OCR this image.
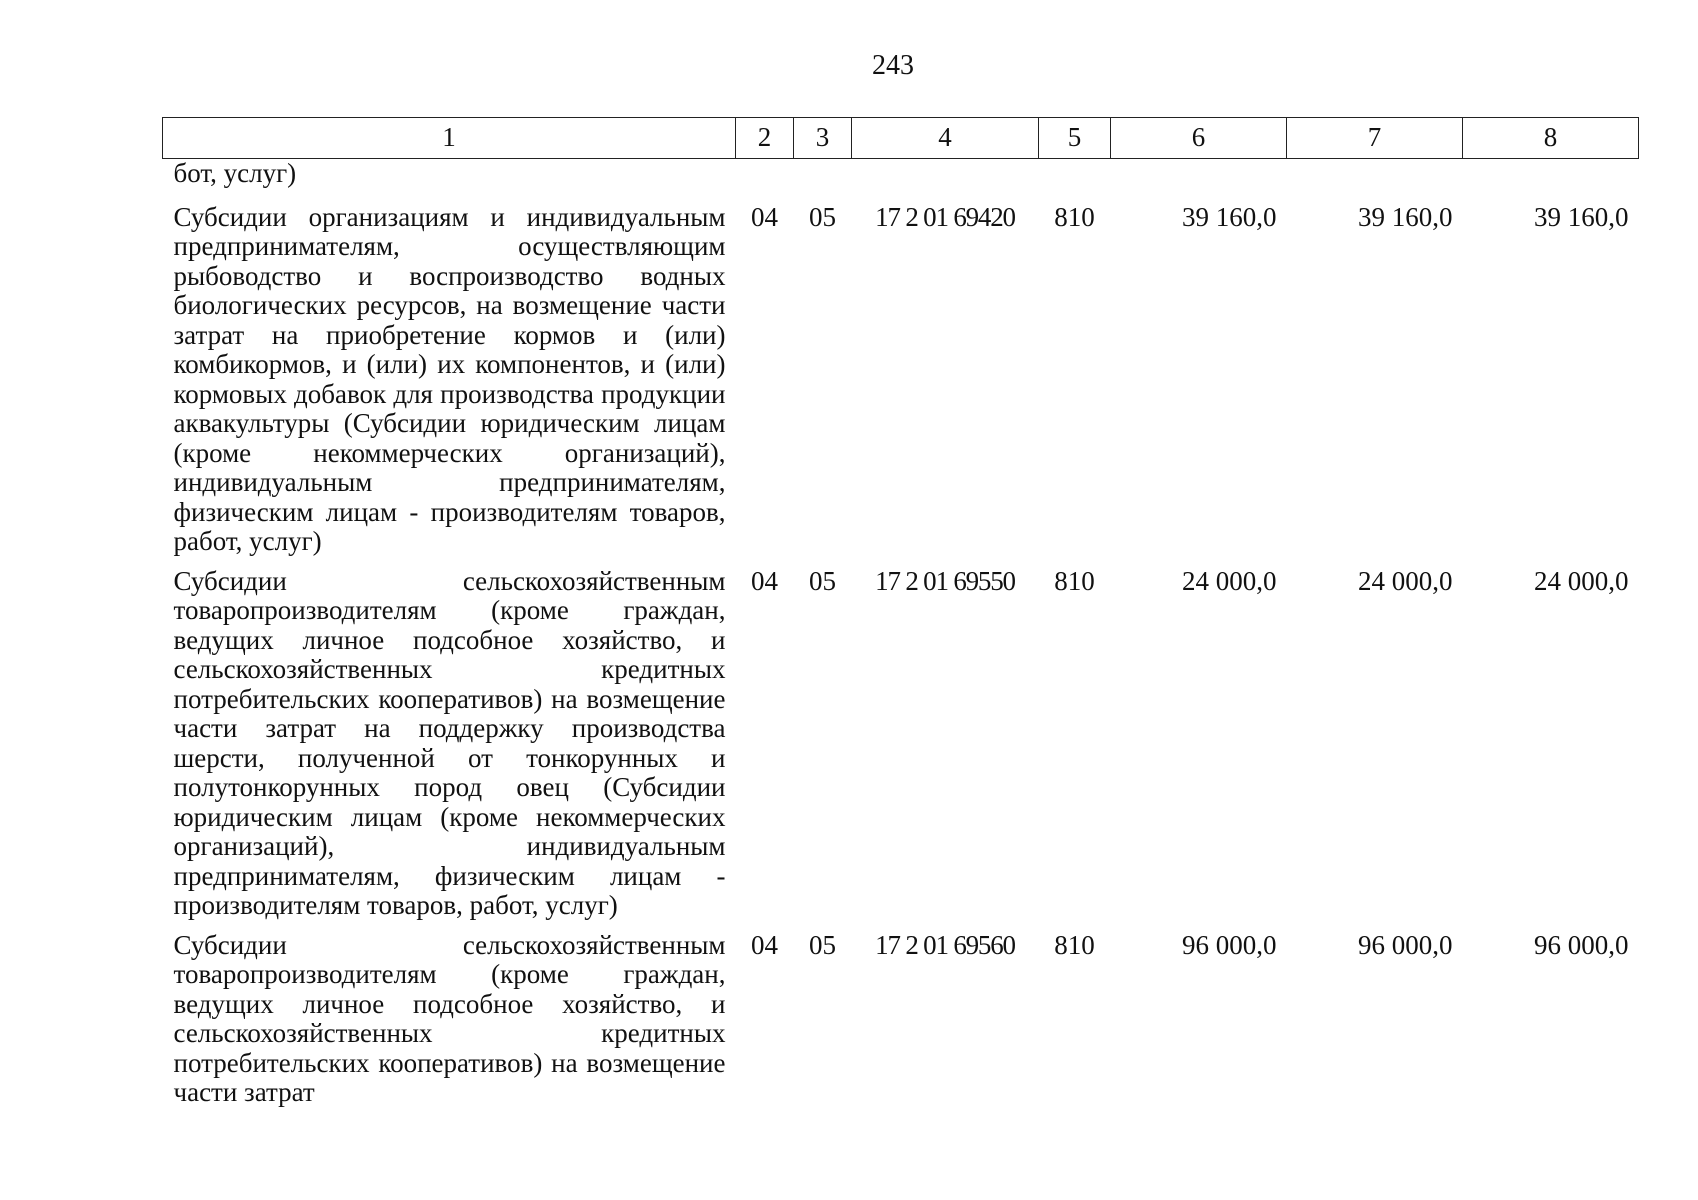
243
1	2	3	4	5	6	7	8
бот, услуг)							
Субсидии организациям и индивидуальным предпринимателям, осуществляющим рыбоводство и воспроизводство водных биологических ресурсов, на возмещение части затрат на приобретение кормов и (или) комбикормов, и (или) их компонентов, и (или) кормовых добавок для производства продукции аквакультуры (Субсидии юридическим лицам (кроме некоммерческих организаций), индивидуальным предпринимателям, физическим лицам - производителям товаров, работ, услуг)	04	05	17 2 01 69420	810	39 160,0	39 160,0	39 160,0
Субсидии сельскохозяйственным товаропроизводителям (кроме граждан, ведущих личное подсобное хозяйство, и сельскохозяйственных кредитных потребительских кооперативов) на возмещение части затрат на поддержку производства шерсти, полученной от тонкорунных и полутонкорунных пород овец (Субсидии юридическим лицам (кроме некоммерческих организаций), индивидуальным предпринимателям, физическим лицам - производителям товаров, работ, услуг)	04	05	17 2 01 69550	810	24 000,0	24 000,0	24 000,0
Субсидии сельскохозяйственным товаропроизводителям (кроме граждан, ведущих личное подсобное хозяйство, и сельскохозяйственных кредитных потребительских кооперативов) на возмещение части затрат	04	05	17 2 01 69560	810	96 000,0	96 000,0	96 000,0
